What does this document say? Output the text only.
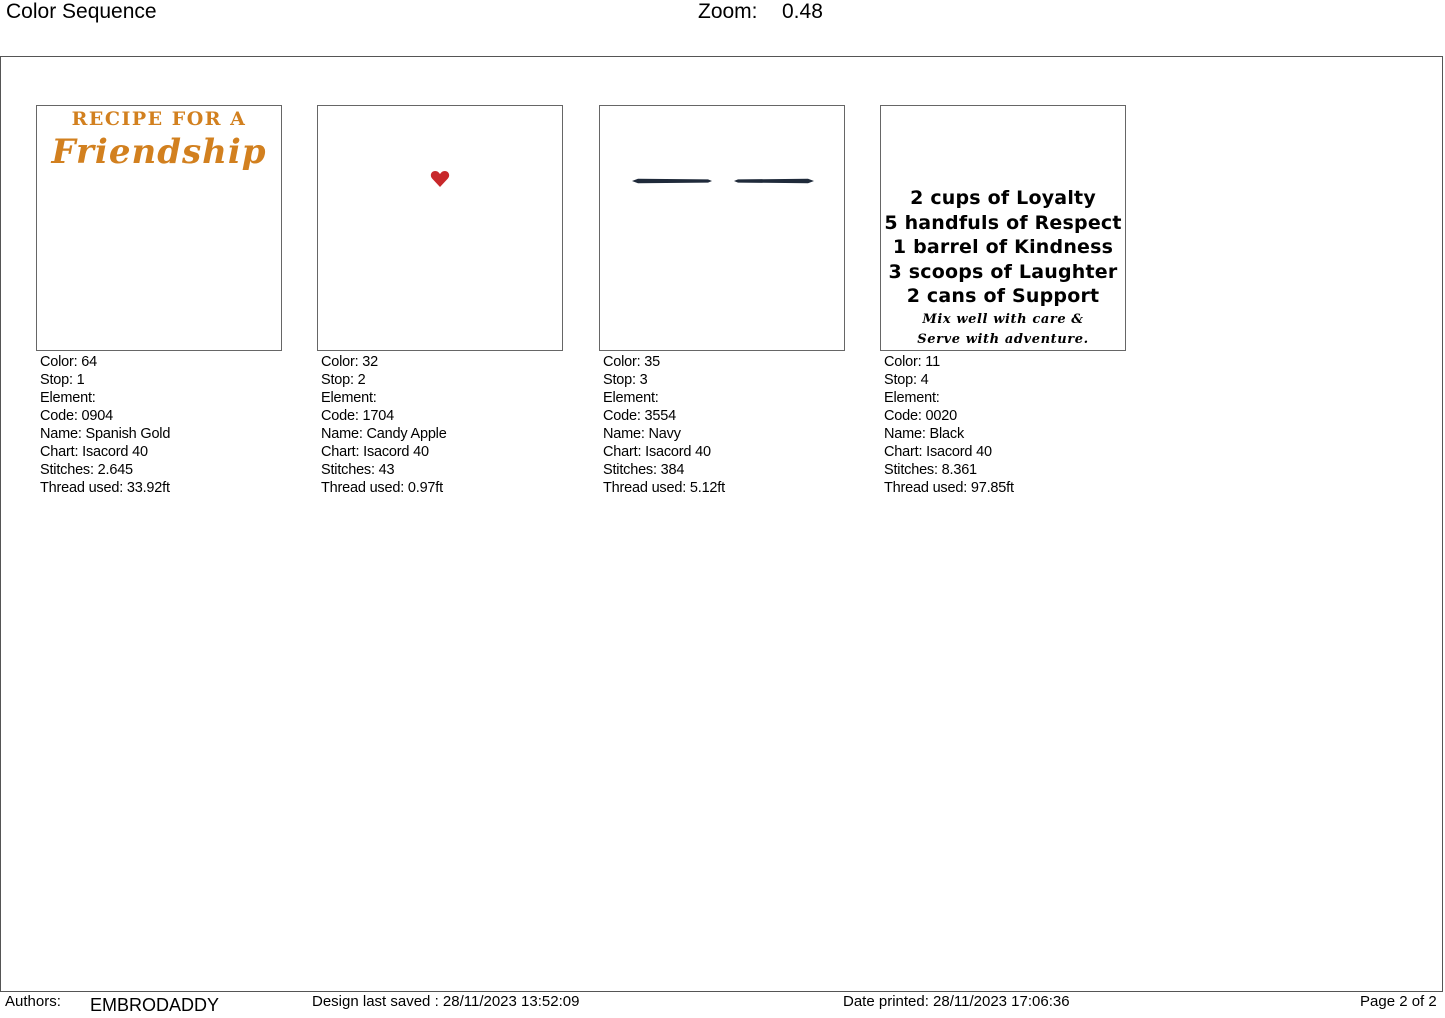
Color Sequence	Zoom: 0.48
RECIPE FOR A
Friendship
Color: 64
Stop: 1
Element:
Code: 0904
Name: Spanish Gold
Chart: Isacord 40
Stitches: 2.645
Thread used: 33.92ft
Color: 32
Stop: 2
Element:
Code: 1704
Name: Candy Apple
Chart: Isacord 40
Stitches: 43
Thread used: 0.97ft
Color: 35
Stop: 3
Element:
Code: 3554
Name: Navy
Chart: Isacord 40
Stitches: 384
Thread used: 5.12ft
2 cups of Loyalty
5 handfuls of Respect
1 barrel of Kindness
3 scoops of Laughter
2 cans of Support
Mix well with care &
Serve with adventure.
Color: 11
Stop: 4
Element:
Code: 0020
Name: Black
Chart: Isacord 40
Stitches: 8.361
Thread used: 97.85ft
Authors: EMBRODADDY	Design last saved : 28/11/2023 13:52:09	Date printed: 28/11/2023 17:06:36	Page 2 of 2
